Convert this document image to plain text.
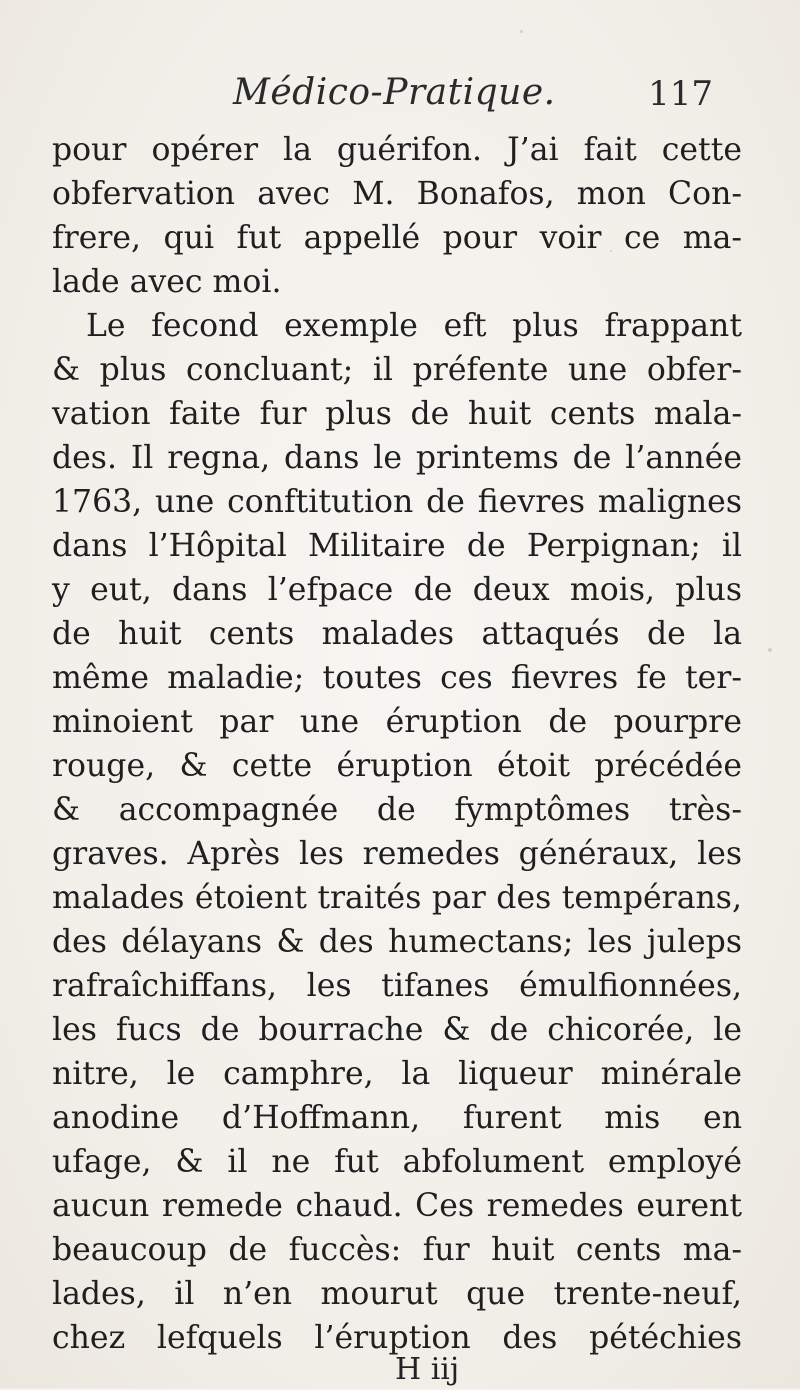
Médico-Pratique.	117
pour opérer la guérifon. J’ai fait cette
obfervation avec M. Bonafos, mon Con-
frere, qui fut appellé pour voir ce ma-
lade avec moi.
Le fecond exemple eft plus frappant
& plus concluant; il préfente une obfer-
vation faite fur plus de huit cents mala-
des. Il regna, dans le printems de l’année
1763, une conftitution de fievres malignes
dans l’Hôpital Militaire de Perpignan; il
y eut, dans l’efpace de deux mois, plus
de huit cents malades attaqués de la
même maladie; toutes ces fievres fe ter-
minoient par une éruption de pourpre
rouge, & cette éruption étoit précédée
& accompagnée de fymptômes très-
graves. Après les remedes généraux, les
malades étoient traités par des tempérans,
des délayans & des humectans; les juleps
rafraîchiffans, les tifanes émulfionnées,
les fucs de bourrache & de chicorée, le
nitre, le camphre, la liqueur minérale
anodine d’Hoffmann, furent mis en
ufage, & il ne fut abfolument employé
aucun remede chaud. Ces remedes eurent
beaucoup de fuccès: fur huit cents ma-
lades, il n’en mourut que trente-neuf,
chez lefquels l’éruption des pétéchies
H iij
